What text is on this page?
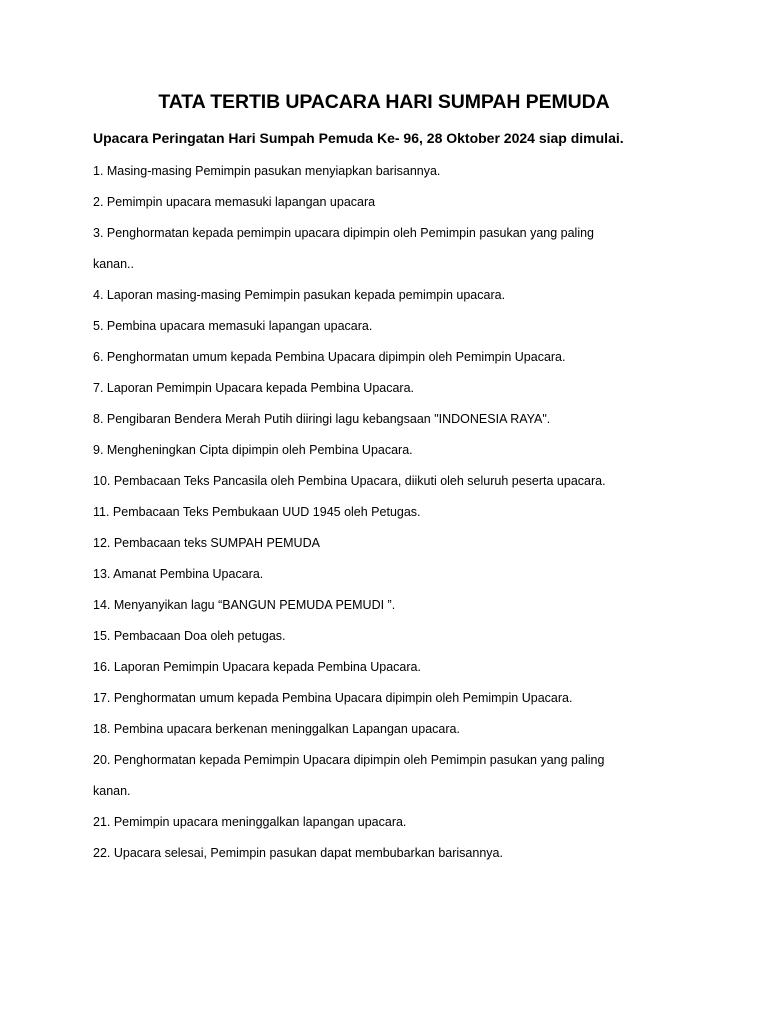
TATA TERTIB UPACARA HARI SUMPAH PEMUDA
Upacara Peringatan Hari Sumpah Pemuda Ke- 96, 28 Oktober 2024 siap dimulai.
1. Masing-masing Pemimpin pasukan menyiapkan barisannya.
2. Pemimpin upacara memasuki lapangan upacara
3. Penghormatan kepada pemimpin upacara dipimpin oleh Pemimpin pasukan yang paling
kanan..
4. Laporan masing-masing Pemimpin pasukan kepada pemimpin upacara.
5. Pembina upacara memasuki lapangan upacara.
6. Penghormatan umum kepada Pembina Upacara dipimpin oleh Pemimpin Upacara.
7. Laporan Pemimpin Upacara kepada Pembina Upacara.
8. Pengibaran Bendera Merah Putih diiringi lagu kebangsaan "INDONESIA RAYA".
9. Mengheningkan Cipta dipimpin oleh Pembina Upacara.
10. Pembacaan Teks Pancasila oleh Pembina Upacara, diikuti oleh seluruh peserta upacara.
11. Pembacaan Teks Pembukaan UUD 1945 oleh Petugas.
12. Pembacaan teks SUMPAH PEMUDA
13. Amanat Pembina Upacara.
14. Menyanyikan lagu “BANGUN PEMUDA PEMUDI ”.
15. Pembacaan Doa oleh petugas.
16. Laporan Pemimpin Upacara kepada Pembina Upacara.
17. Penghormatan umum kepada Pembina Upacara dipimpin oleh Pemimpin Upacara.
18. Pembina upacara berkenan meninggalkan Lapangan upacara.
20. Penghormatan kepada Pemimpin Upacara dipimpin oleh Pemimpin pasukan yang paling
kanan.
21. Pemimpin upacara meninggalkan lapangan upacara.
22. Upacara selesai, Pemimpin pasukan dapat membubarkan barisannya.
